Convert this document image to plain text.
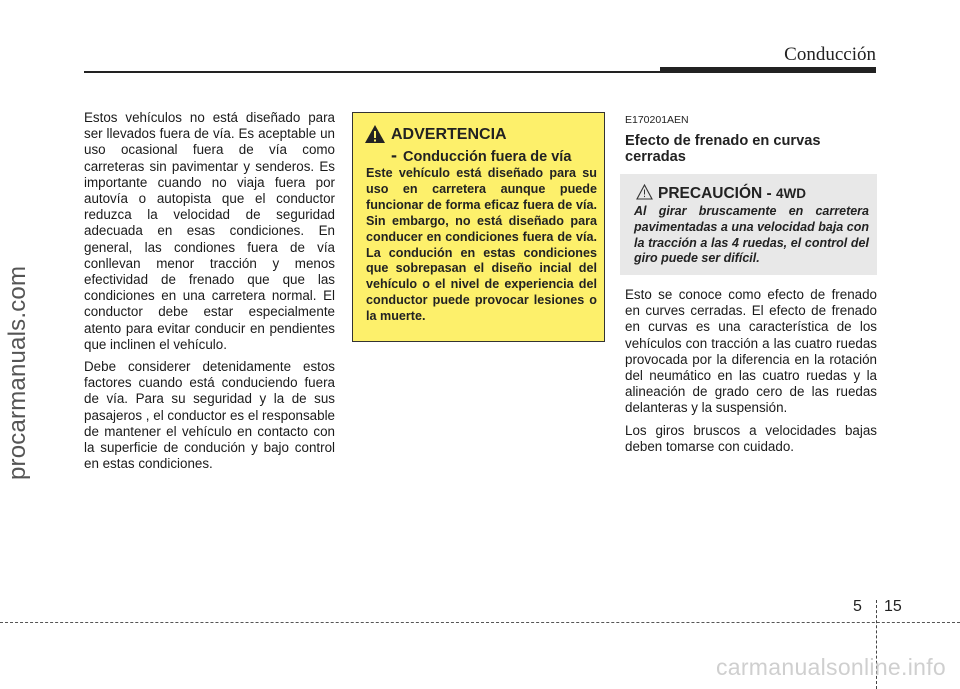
Conducción
procarmanuals.com

Estos vehículos no está diseñado para ser llevados fuera de vía. Es aceptable un uso ocasional fuera de vía como carreteras sin pavimentar y senderos. Es importante cuando no viaja fuera por autovía o autopista que el conductor reduzca la velocidad de seguridad adecuada en esas condiciones. En general, las condiones fuera de vía conllevan menor tracción y menos efectividad de frenado que que las condiciones en una carretera normal. El conductor debe estar especialmente atento para evitar conducir en pendientes que inclinen el vehículo.

Debe considerer detenidamente estos factores cuando está conduciendo fuera de vía. Para su seguridad y la de sus pasajeros , el conductor es el responsable de mantener el vehículo en contacto con la superficie de condución y bajo control en estas condiciones.

ADVERTENCIA
- Conducción fuera de vía
Este vehículo está diseñado para su uso en carretera aunque puede funcionar de forma eficaz fuera de vía. Sin embargo, no está diseñado para conducer en condiciones fuera de vía. La condución en estas condiciones que sobrepasan el diseño incial del vehículo o el nivel de experiencia del conductor puede provocar lesiones o la muerte.
E170201AEN
Efecto de frenado en curvas cerradas
PRECAUCIÓN - 4WD
Al girar bruscamente en carretera pavimentadas a una velocidad baja con la tracción a las 4 ruedas, el control del giro puede ser difícil.

Esto se conoce como efecto de frenado en curves cerradas. El efecto de frenado en curvas es una característica de los vehículos con tracción a las cuatro ruedas provocada por la diferencia en la rotación del neumático en las cuatro ruedas y la alineación de grado cero de las ruedas delanteras y la suspensión.

Los giros bruscos a velocidades bajas deben tomarse con cuidado.

5 15
carmanualsonline.info
